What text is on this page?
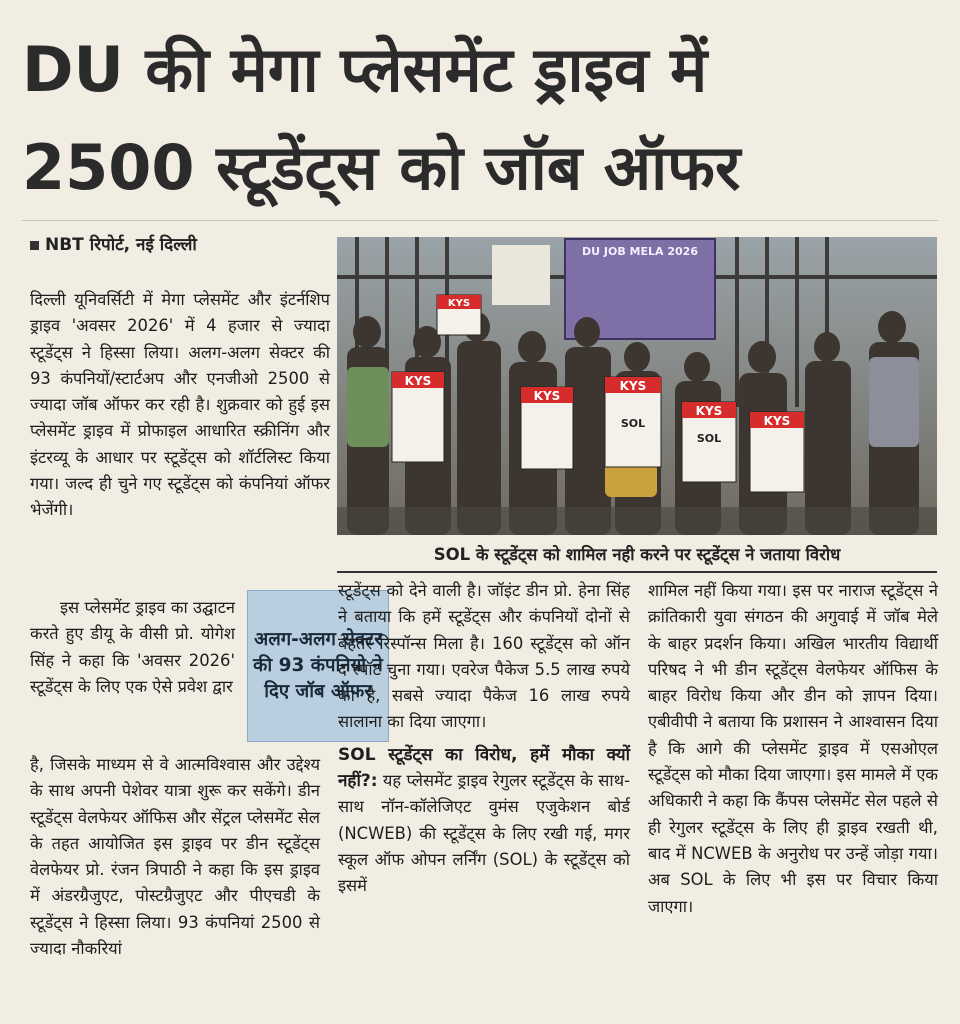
DU की मेगा प्लेसमेंट ड्राइव में
2500 स्टूडेंट्स को जॉब ऑफर
NBT रिपोर्ट, नई दिल्ली

दिल्ली यूनिवर्सिटी में मेगा प्लेसमेंट और इंटर्नशिप ड्राइव 'अवसर 2026' में 4 हजार से ज्यादा स्टूडेंट्स ने हिस्सा लिया। अलग-अलग सेक्टर की 93 कंपनियों/स्टार्टअप और एनजीओ 2500 से ज्यादा जॉब ऑफर कर रही है। शुक्रवार को हुई इस प्लेसमेंट ड्राइव में प्रोफाइल आधारित स्क्रीनिंग और इंटरव्यू के आधार पर स्टूडेंट्स को शॉर्टलिस्ट किया गया। जल्द ही चुने गए स्टूडेंट्स को कंपनियां ऑफर भेजेंगी।

इस प्लेसमेंट ड्राइव का उद्घाटन करते हुए डीयू के वीसी प्रो. योगेश सिंह ने कहा कि 'अवसर 2026' स्टूडेंट्स के लिए एक ऐसे प्रवेश द्वार

है, जिसके माध्यम से वे आत्मविश्वास और उद्देश्य के साथ अपनी पेशेवर यात्रा शुरू कर सकेंगे। डीन स्टूडेंट्स वेलफेयर ऑफिस और सेंट्रल प्लेसमेंट सेल के तहत आयोजित इस ड्राइव पर डीन स्टूडेंट्स वेलफेयर प्रो. रंजन त्रिपाठी ने कहा कि इस ड्राइव में अंडरग्रैजुएट, पोस्टग्रैजुएट और पीएचडी के स्टूडेंट्स ने हिस्सा लिया। 93 कंपनियां 2500 से ज्यादा नौकरियां

अलग-अलग सेक्टर की 93 कंपनियो ने दिए जॉब ऑफर
DU JOB MELA 2026
KYS
KYS
KYS
SOL
KYS
SOL
KYS
KYS
SOL के स्टूडेंट्स को शामिल नही करने पर स्टूडेंट्स ने जताया विरोध

स्टूडेंट्स को देने वाली है। जॉइंट डीन प्रो. हेना सिंह ने बताया कि हमें स्टूडेंट्स और कंपनियों दोनों से बेहतर रिस्पॉन्स मिला है। 160 स्टूडेंट्स को ऑन द स्पॉट चुना गया। एवरेज पैकेज 5.5 लाख रुपये का है, सबसे ज्यादा पैकेज 16 लाख रुपये सालाना का दिया जाएगा।

SOL स्टूडेंट्स का विरोध, हमें मौका क्यों नहीं?: यह प्लेसमेंट ड्राइव रेगुलर स्टूडेंट्स के साथ-साथ नॉन-कॉलेजिएट वुमंस एजुकेशन बोर्ड (NCWEB) की स्टूडेंट्स के लिए रखी गई, मगर स्कूल ऑफ ओपन लर्निंग (SOL) के स्टूडेंट्स को इसमें

शामिल नहीं किया गया। इस पर नाराज स्टूडेंट्स ने क्रांतिकारी युवा संगठन की अगुवाई में जॉब मेले के बाहर प्रदर्शन किया। अखिल भारतीय विद्यार्थी परिषद ने भी डीन स्टूडेंट्स वेलफेयर ऑफिस के बाहर विरोध किया और डीन को ज्ञापन दिया। एबीवीपी ने बताया कि प्रशासन ने आश्वासन दिया है कि आगे की प्लेसमेंट ड्राइव में एसओएल स्टूडेंट्स को मौका दिया जाएगा। इस मामले में एक अधिकारी ने कहा कि कैंपस प्लेसमेंट सेल पहले से ही रेगुलर स्टूडेंट्स के लिए ही ड्राइव रखती थी, बाद में NCWEB के अनुरोध पर उन्हें जोड़ा गया। अब SOL के लिए भी इस पर विचार किया जाएगा।
